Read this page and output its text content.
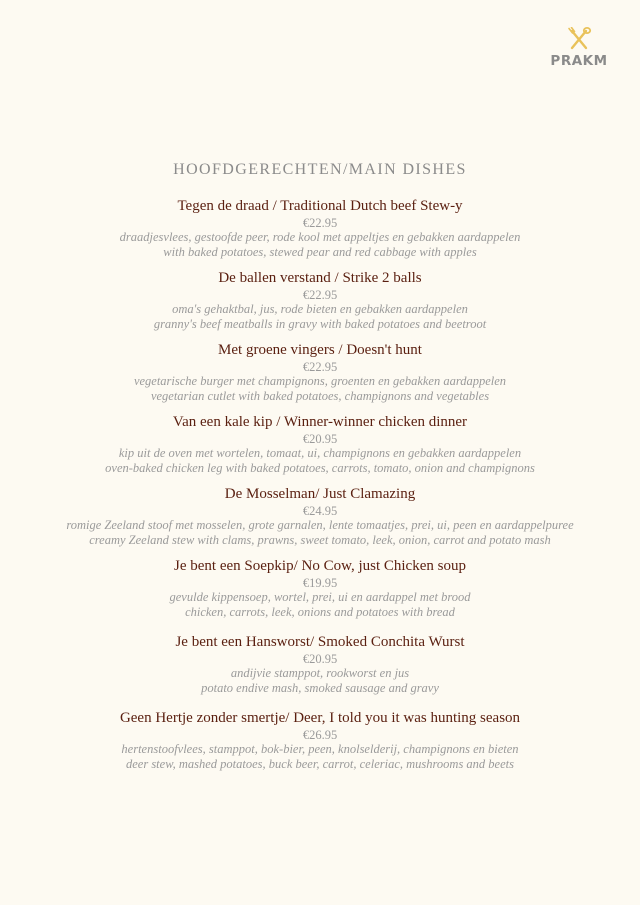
PRAKM
HOOFDGERECHTEN/MAIN DISHES
Tegen de draad / Traditional Dutch beef Stew-y
€22.95
draadjesvlees, gestoofde peer, rode kool met appeltjes en gebakken aardappelen
with baked potatoes, stewed pear and red cabbage with apples
De ballen verstand / Strike 2 balls
€22.95
oma's gehaktbal, jus, rode bieten en gebakken aardappelen
granny's beef meatballs in gravy with baked potatoes and beetroot
Met groene vingers / Doesn't hunt
€22.95
vegetarische burger met champignons, groenten en gebakken aardappelen
vegetarian cutlet with baked potatoes, champignons and vegetables
Van een kale kip / Winner-winner chicken dinner
€20.95
kip uit de oven met wortelen, tomaat, ui, champignons en gebakken aardappelen
oven-baked chicken leg with baked potatoes, carrots, tomato, onion and champignons
De Mosselman/ Just Clamazing
€24.95
romige Zeeland stoof met mosselen, grote garnalen, lente tomaatjes, prei, ui, peen en aardappelpuree
creamy Zeeland stew with clams, prawns, sweet tomato, leek, onion, carrot and potato mash
Je bent een Soepkip/ No Cow, just Chicken soup
€19.95
gevulde kippensoep, wortel, prei, ui en aardappel met brood
chicken, carrots, leek, onions and potatoes with bread
Je bent een Hansworst/ Smoked Conchita Wurst
€20.95
andijvie stamppot, rookworst en jus
potato endive mash, smoked sausage and gravy
Geen Hertje zonder smertje/ Deer, I told you it was hunting season
€26.95
hertenstoofvlees, stamppot, bok-bier, peen, knolselderij, champignons en bieten
deer stew, mashed potatoes, buck beer, carrot, celeriac, mushrooms and beets
